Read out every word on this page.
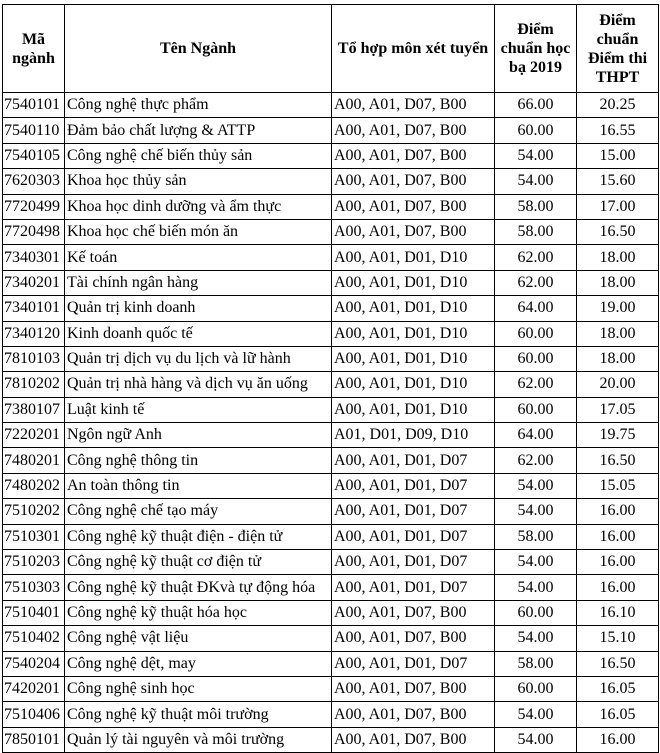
Mã ngành	Tên Ngành	Tổ hợp môn xét tuyển	Điểm chuẩn học bạ 2019	Điểm chuẩn Điểm thi THPT
7540101	Công nghệ thực phẩm	A00, A01, D07, B00	66.00	20.25
7540110	Đảm bảo chất lượng & ATTP	A00, A01, D07, B00	60.00	16.55
7540105	Công nghệ chế biến thủy sản	A00, A01, D07, B00	54.00	15.00
7620303	Khoa học thủy sản	A00, A01, D07, B00	54.00	15.60
7720499	Khoa học dinh dưỡng và ẩm thực	A00, A01, D07, B00	58.00	17.00
7720498	Khoa học chế biến món ăn	A00, A01, D07, B00	58.00	16.50
7340301	Kế toán	A00, A01, D01, D10	62.00	18.00
7340201	Tài chính ngân hàng	A00, A01, D01, D10	62.00	18.00
7340101	Quản trị kinh doanh	A00, A01, D01, D10	64.00	19.00
7340120	Kinh doanh quốc tế	A00, A01, D01, D10	60.00	18.00
7810103	Quản trị dịch vụ du lịch và lữ hành	A00, A01, D01, D10	60.00	18.00
7810202	Quản trị nhà hàng và dịch vụ ăn uống	A00, A01, D01, D10	62.00	20.00
7380107	Luật kinh tế	A00, A01, D01, D10	60.00	17.05
7220201	Ngôn ngữ Anh	A01, D01, D09, D10	64.00	19.75
7480201	Công nghệ thông tin	A00, A01, D01, D07	62.00	16.50
7480202	An toàn thông tin	A00, A01, D01, D07	54.00	15.05
7510202	Công nghệ chế tạo máy	A00, A01, D01, D07	54.00	16.00
7510301	Công nghệ kỹ thuật điện - điện tử	A00, A01, D01, D07	58.00	16.00
7510203	Công nghệ kỹ thuật cơ điện tử	A00, A01, D01, D07	54.00	16.00
7510303	Công nghệ kỹ thuật ĐKvà tự động hóa	A00, A01, D01, D07	54.00	16.00
7510401	Công nghệ kỹ thuật hóa học	A00, A01, D07, B00	60.00	16.10
7510402	Công nghệ vật liệu	A00, A01, D07, B00	54.00	15.10
7540204	Công nghệ dệt, may	A00, A01, D01, D07	58.00	16.50
7420201	Công nghệ sinh học	A00, A01, D07, B00	60.00	16.05
7510406	Công nghệ kỹ thuật môi trường	A00, A01, D07, B00	54.00	16.05
7850101	Quản lý tài nguyên và môi trường	A00, A01, D07, B00	54.00	16.00
